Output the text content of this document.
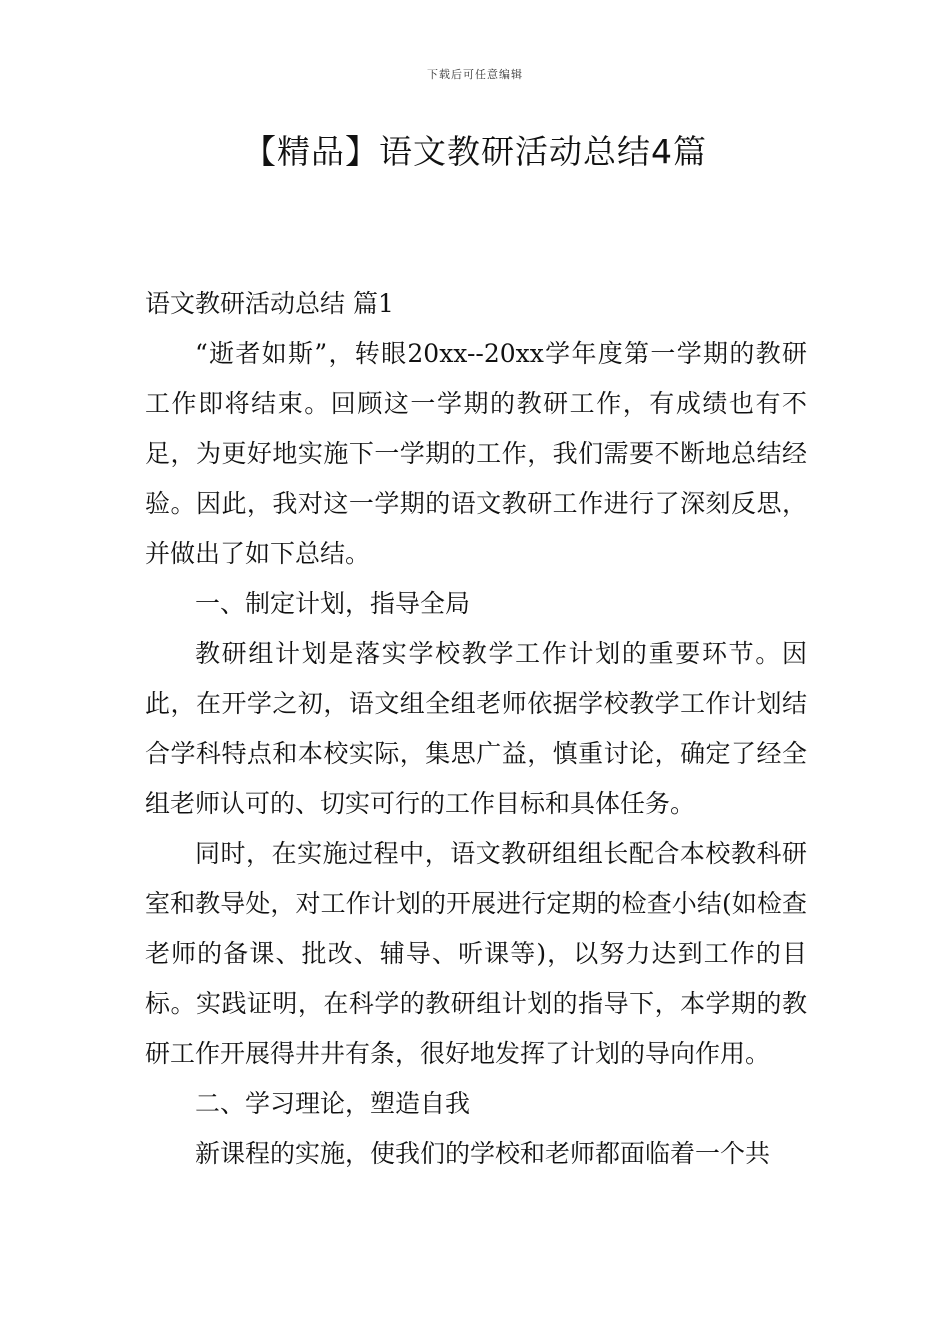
下载后可任意编辑
【精品】语文教研活动总结4篇

语文教研活动总结 篇1

“逝者如斯”，转眼20xx--20xx学年度第一学期的教研工作即将结束。回顾这一学期的教研工作，有成绩也有不足，为更好地实施下一学期的工作，我们需要不断地总结经验。因此，我对这一学期的语文教研工作进行了深刻反思，并做出了如下总结。

一、制定计划，指导全局

教研组计划是落实学校教学工作计划的重要环节。因此，在开学之初，语文组全组老师依据学校教学工作计划结合学科特点和本校实际，集思广益，慎重讨论，确定了经全组老师认可的、切实可行的工作目标和具体任务。

同时，在实施过程中，语文教研组组长配合本校教科研室和教导处，对工作计划的开展进行定期的检查小结(如检查老师的备课、批改、辅导、听课等)，以努力达到工作的目标。实践证明，在科学的教研组计划的指导下，本学期的教研工作开展得井井有条，很好地发挥了计划的导向作用。

二、学习理论，塑造自我

新课程的实施，使我们的学校和老师都面临着一个共
